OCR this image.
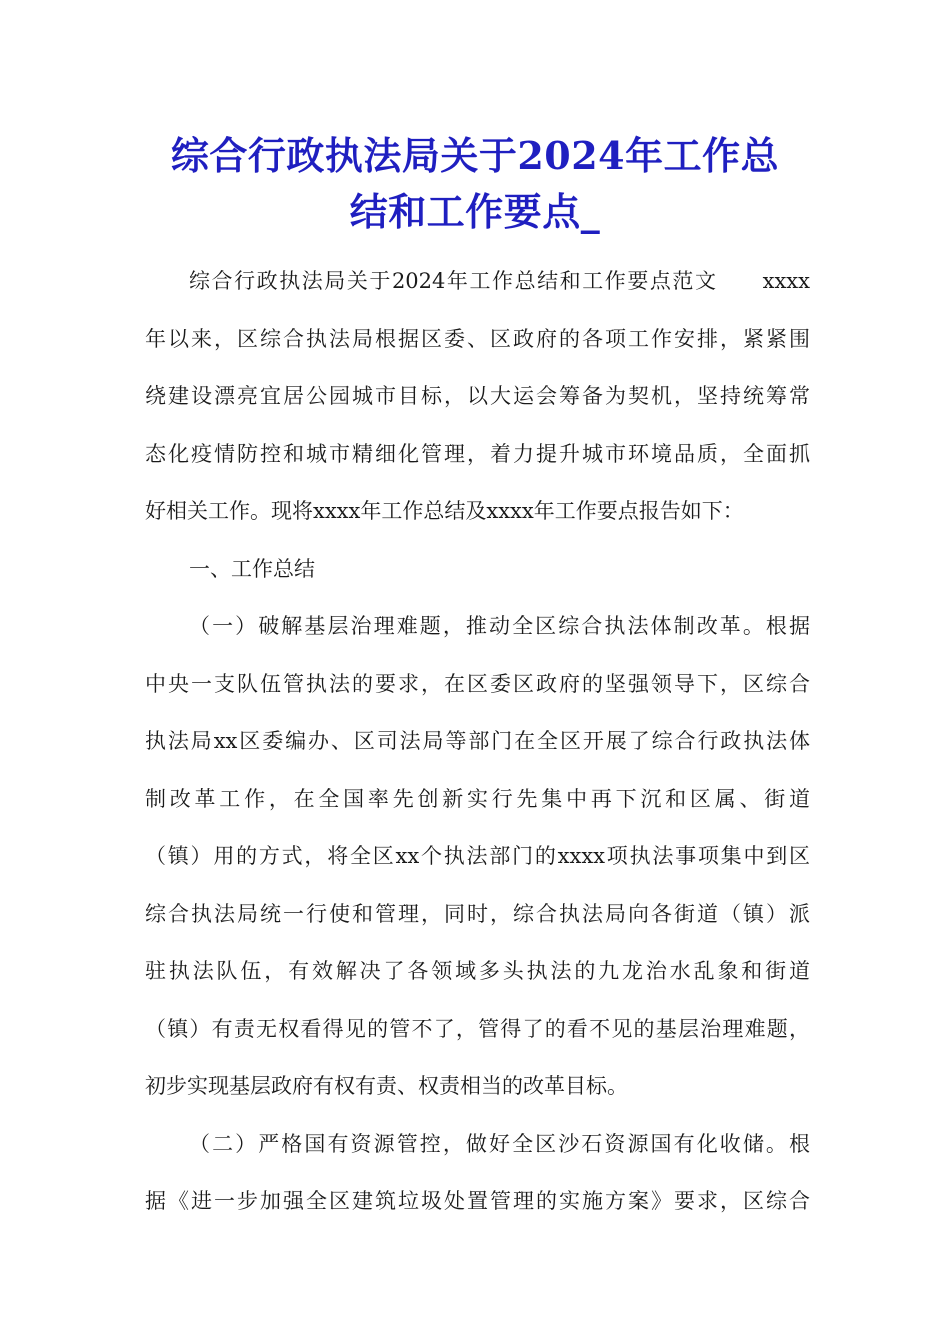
综合行政执法局关于2024年工作总
结和工作要点_
综合行政执法局关于2024年工作总结和工作要点范文　　xxxx
年以来，区综合执法局根据区委、区政府的各项工作安排，紧紧围
绕建设漂亮宜居公园城市目标，以大运会筹备为契机，坚持统筹常
态化疫情防控和城市精细化管理，着力提升城市环境品质，全面抓
好相关工作。现将xxxx年工作总结及xxxx年工作要点报告如下：
一、工作总结
（一）破解基层治理难题，推动全区综合执法体制改革。根据
中央一支队伍管执法的要求，在区委区政府的坚强领导下，区综合
执法局xx区委编办、区司法局等部门在全区开展了综合行政执法体
制改革工作，在全国率先创新实行先集中再下沉和区属、街道
（镇）用的方式，将全区xx个执法部门的xxxx项执法事项集中到区
综合执法局统一行使和管理，同时，综合执法局向各街道（镇）派
驻执法队伍，有效解决了各领域多头执法的九龙治水乱象和街道
（镇）有责无权看得见的管不了，管得了的看不见的基层治理难题，
初步实现基层政府有权有责、权责相当的改革目标。
（二）严格国有资源管控，做好全区沙石资源国有化收储。根
据《进一步加强全区建筑垃圾处置管理的实施方案》要求，区综合
